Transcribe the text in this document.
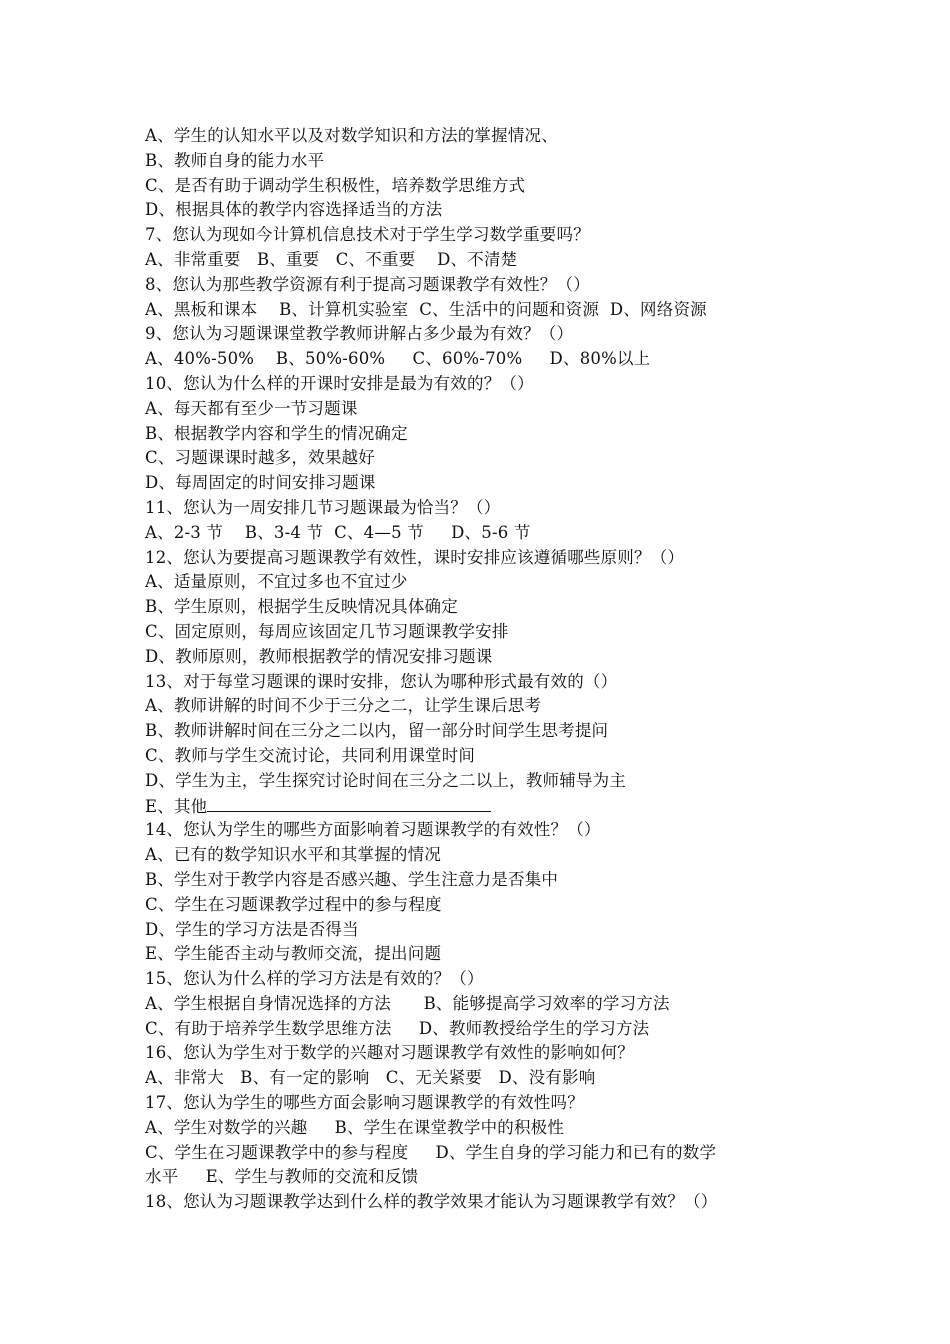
A、学生的认知水平以及对数学知识和方法的掌握情况、
B、教师自身的能力水平
C、是否有助于调动学生积极性，培养数学思维方式
D、根据具体的教学内容选择适当的方法
7、您认为现如今计算机信息技术对于学生学习数学重要吗？
A、非常重要   B、重要   C、不重要    D、不清楚
8、您认为那些教学资源有利于提高习题课教学有效性？（）
A、黑板和课本    B、计算机实验室  C、生活中的问题和资源  D、网络资源
9、您认为习题课课堂教学教师讲解占多少最为有效？（）
A、40%-50%    B、50%-60%     C、60%-70%     D、80%以上
10、您认为什么样的开课时安排是最为有效的？（）
A、每天都有至少一节习题课
B、根据教学内容和学生的情况确定
C、习题课课时越多，效果越好
D、每周固定的时间安排习题课
11、您认为一周安排几节习题课最为恰当？（）
A、2-3 节    B、3-4 节  C、4—5 节     D、5-6 节
12、您认为要提高习题课教学有效性，课时安排应该遵循哪些原则？（）
A、适量原则，不宜过多也不宜过少
B、学生原则，根据学生反映情况具体确定
C、固定原则，每周应该固定几节习题课教学安排
D、教师原则，教师根据教学的情况安排习题课
13、对于每堂习题课的课时安排，您认为哪种形式最有效的（）
A、教师讲解的时间不少于三分之二，让学生课后思考
B、教师讲解时间在三分之二以内，留一部分时间学生思考提问
C、教师与学生交流讨论，共同利用课堂时间
D、学生为主，学生探究讨论时间在三分之二以上，教师辅导为主
E、其他
14、您认为学生的哪些方面影响着习题课教学的有效性？（）
A、已有的数学知识水平和其掌握的情况
B、学生对于教学内容是否感兴趣、学生注意力是否集中
C、学生在习题课教学过程中的参与程度
D、学生的学习方法是否得当
E、学生能否主动与教师交流，提出问题
15、您认为什么样的学习方法是有效的？（）
A、学生根据自身情况选择的方法      B、能够提高学习效率的学习方法
C、有助于培养学生数学思维方法     D、教师教授给学生的学习方法
16、您认为学生对于数学的兴趣对习题课教学有效性的影响如何？
A、非常大   B、有一定的影响   C、无关紧要   D、没有影响
17、您认为学生的哪些方面会影响习题课教学的有效性吗？
A、学生对数学的兴趣     B、学生在课堂教学中的积极性
C、学生在习题课教学中的参与程度     D、学生自身的学习能力和已有的数学
水平     E、学生与教师的交流和反馈
18、您认为习题课教学达到什么样的教学效果才能认为习题课教学有效？（）
